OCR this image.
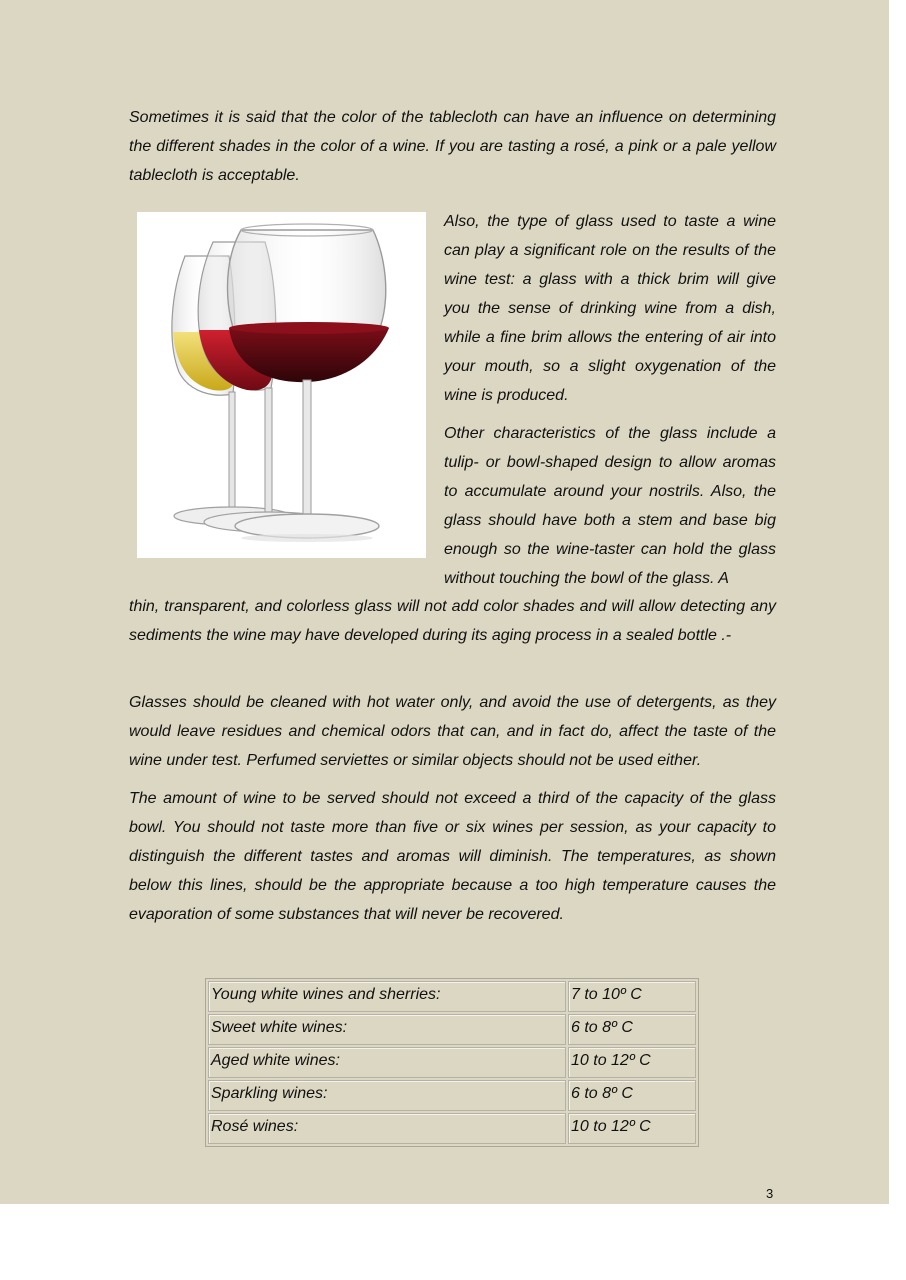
Sometimes it is said that the color of the tablecloth can have an influence on determining the different shades in the color of a wine. If you are tasting a rosé, a pink or a pale yellow tablecloth is acceptable.

Also, the type of glass used to taste a wine can play a significant role on the results of the wine test: a glass with a thick brim will give you the sense of drinking wine from a dish, while a fine brim allows the entering of air into your mouth, so a slight oxygenation of the wine is produced.

Other characteristics of the glass include a tulip- or bowl-shaped design to allow aromas to accumulate around your nostrils. Also, the glass should have both a stem and base big enough so the wine-taster can hold the glass without touching the bowl of the glass. A

thin, transparent, and colorless glass will not add color shades and will allow detecting any sediments the wine may have developed during its aging process in a sealed bottle .-

Glasses should be cleaned with hot water only, and avoid the use of detergents, as they would leave residues and chemical odors that can, and in fact do, affect the taste of the wine under test. Perfumed serviettes or similar objects should not be used either.

The amount of wine to be served should not exceed a third of the capacity of the glass bowl. You should not taste more than five or six wines per session, as your capacity to distinguish the different tastes and aromas will diminish. The temperatures, as shown below this lines, should be the appropriate because a too high temperature causes the evaporation of some substances that will never be recovered.

Young white wines and sherries:	7 to 10º C
Sweet white wines:	6 to 8º C
Aged white wines:	10 to 12º C
Sparkling wines:	6 to 8º C
Rosé wines:	10 to 12º C
3
